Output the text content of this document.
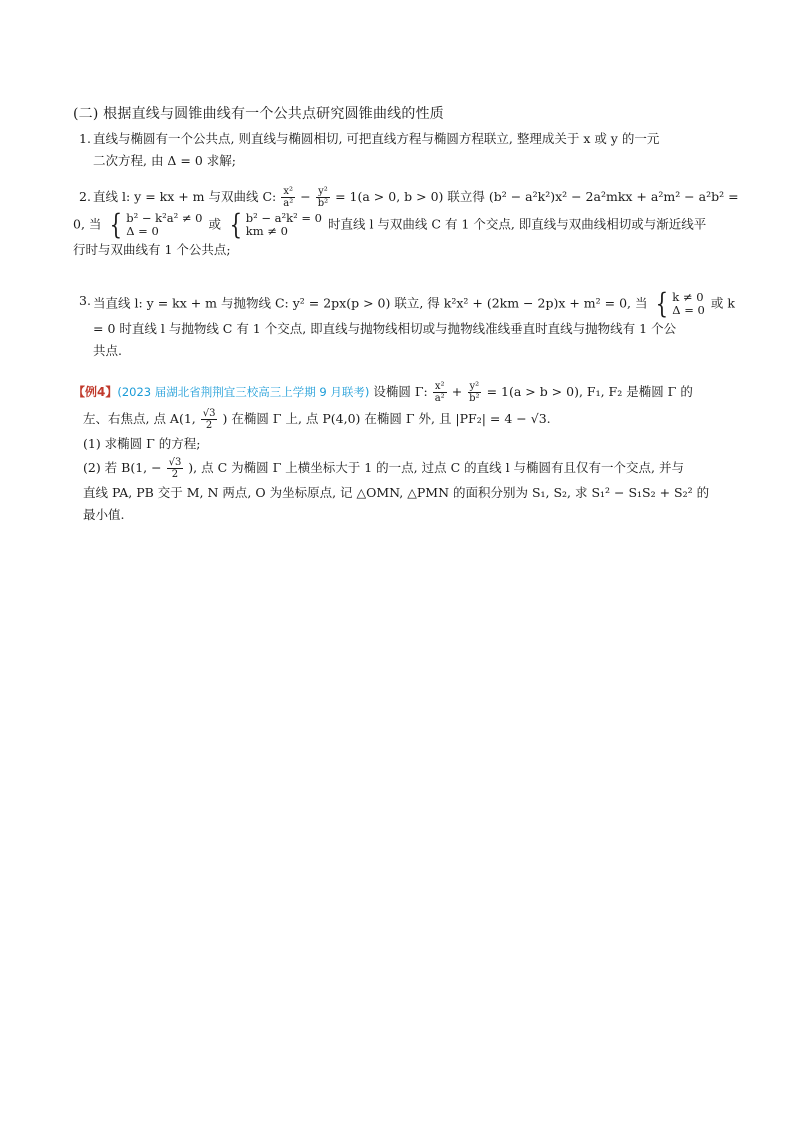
(二) 根据直线与圆锥曲线有一个公共点研究圆锥曲线的性质
1. 直线与椭圆有一个公共点, 则直线与椭圆相切, 可把直线方程与椭圆方程联立, 整理成关于 x 或 y 的一元
二次方程, 由 Δ = 0 求解;
2. 直线 l: y = kx + m 与双曲线 C: $\frac{\text{x²}}{\text{a²}} - \frac{\text{y²}}{\text{b²}} = 1(a > 0$, b > 0) 联立得 (b² − a²k²)x² − 2a²mkx + a²m² − a²b² =
0, 当 { b² − k²a² ≠ 0
Δ = 0	或 { b² − a²k² = 0
km ≠ 0	时直线 l 与双曲线 C 有 1 个交点, 即直线与双曲线相切或与渐近线平
行时与双曲线有 1 个公共点;
3. 当直线 l: y = kx + m 与抛物线 C: y² = 2px(p > 0) 联立, 得 k²x² + (2km − 2p)x + m² = 0, 当 { k ≠ 0
Δ = 0 或 k
= 0 时直线 l 与抛物线 C 有 1 个交点, 即直线与抛物线相切或与抛物线准线垂直时直线与抛物线有 1 个公
共点.
【例4】(2023 届湖北省荆荆宜三校高三上学期 9 月联考) 设椭圆 Γ: $\frac{\text{x²}}{\text{a²}} + \frac{\text{y²}}{\text{b²}} = 1(a > b > 0)$, F₁, F₂ 是椭圆 Γ 的
左、右焦点, 点 A(1, $\frac{√3}{2}$ ) 在椭圆 Γ 上, 点 P(4,0) 在椭圆 Γ 外, 且 |PF₂| = 4 − √3.
(1) 求椭圆 Γ 的方程;
(2) 若 B(1, − $\frac{√3}{2}$ ), 点 C 为椭圆 Γ 上横坐标大于 1 的一点, 过点 C 的直线 l 与椭圆有且仅有一个交点, 并与
直线 PA, PB 交于 M, N 两点, O 为坐标原点, 记 △OMN, △PMN 的面积分别为 S₁, S₂, 求 S₁² − S₁S₂ + S₂² 的
最小值.
